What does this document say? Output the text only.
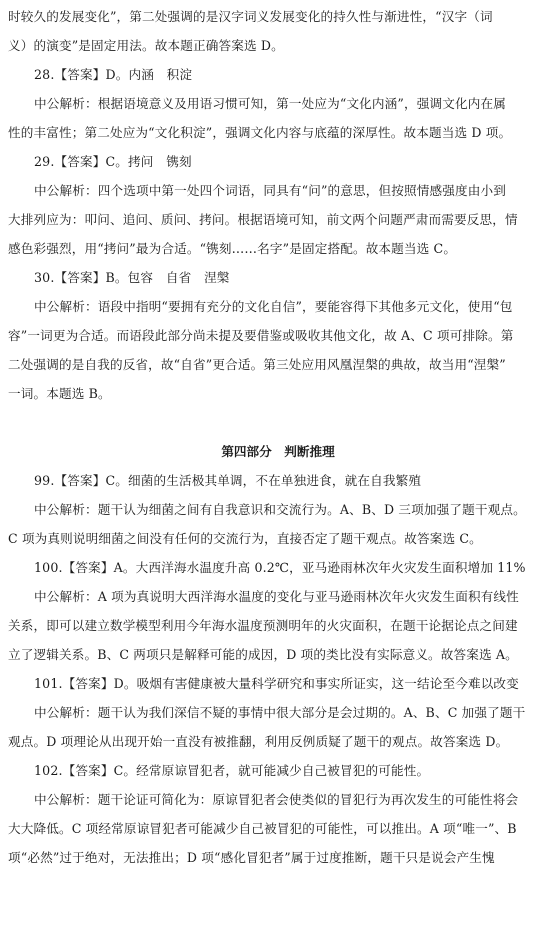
时较久的发展变化”，第二处强调的是汉字词义发展变化的持久性与渐进性，“汉字（词
义）的演变”是固定用法。故本题正确答案选 D。
28.【答案】D。内涵　积淀
中公解析：根据语境意义及用语习惯可知，第一处应为“文化内涵”，强调文化内在属
性的丰富性；第二处应为“文化积淀”，强调文化内容与底蕴的深厚性。故本题当选 D 项。
29.【答案】C。拷问　镌刻
中公解析：四个选项中第一处四个词语，同具有“问”的意思，但按照情感强度由小到
大排列应为：叩问、追问、质问、拷问。根据语境可知，前文两个问题严肃而需要反思，情
感色彩强烈，用“拷问”最为合适。“镌刻……名字”是固定搭配。故本题当选 C。
30.【答案】B。包容　自省　涅槃
中公解析：语段中指明“要拥有充分的文化自信”，要能容得下其他多元文化，使用“包
容”一词更为合适。而语段此部分尚未提及要借鉴或吸收其他文化，故 A、C 项可排除。第
二处强调的是自我的反省，故“自省”更合适。第三处应用风凰涅槃的典故，故当用“涅槃”
一词。本题选 B。
第四部分　判断推理
99.【答案】C。细菌的生活极其单调，不在单独进食，就在自我繁殖
中公解析：题干认为细菌之间有自我意识和交流行为。A、B、D 三项加强了题干观点。
C 项为真则说明细菌之间没有任何的交流行为，直接否定了题干观点。故答案选 C。
100.【答案】A。大西洋海水温度升高 0.2℃，亚马逊雨林次年火灾发生面积增加 11%
中公解析：A 项为真说明大西洋海水温度的变化与亚马逊雨林次年火灾发生面积有线性
关系，即可以建立数学模型利用今年海水温度预测明年的火灾面积，在题干论据论点之间建
立了逻辑关系。B、C 两项只是解释可能的成因，D 项的类比没有实际意义。故答案选 A。
101.【答案】D。吸烟有害健康被大量科学研究和事实所证实，这一结论至今难以改变
中公解析：题干认为我们深信不疑的事情中很大部分是会过期的。A、B、C 加强了题干
观点。D 项理论从出现开始一直没有被推翻，利用反例质疑了题干的观点。故答案选 D。
102.【答案】C。经常原谅冒犯者，就可能减少自己被冒犯的可能性。
中公解析：题干论证可简化为：原谅冒犯者会使类似的冒犯行为再次发生的可能性将会
大大降低。C 项经常原谅冒犯者可能减少自己被冒犯的可能性，可以推出。A 项“唯一”、B
项“必然”过于绝对，无法推出；D 项“感化冒犯者”属于过度推断，题干只是说会产生愧
